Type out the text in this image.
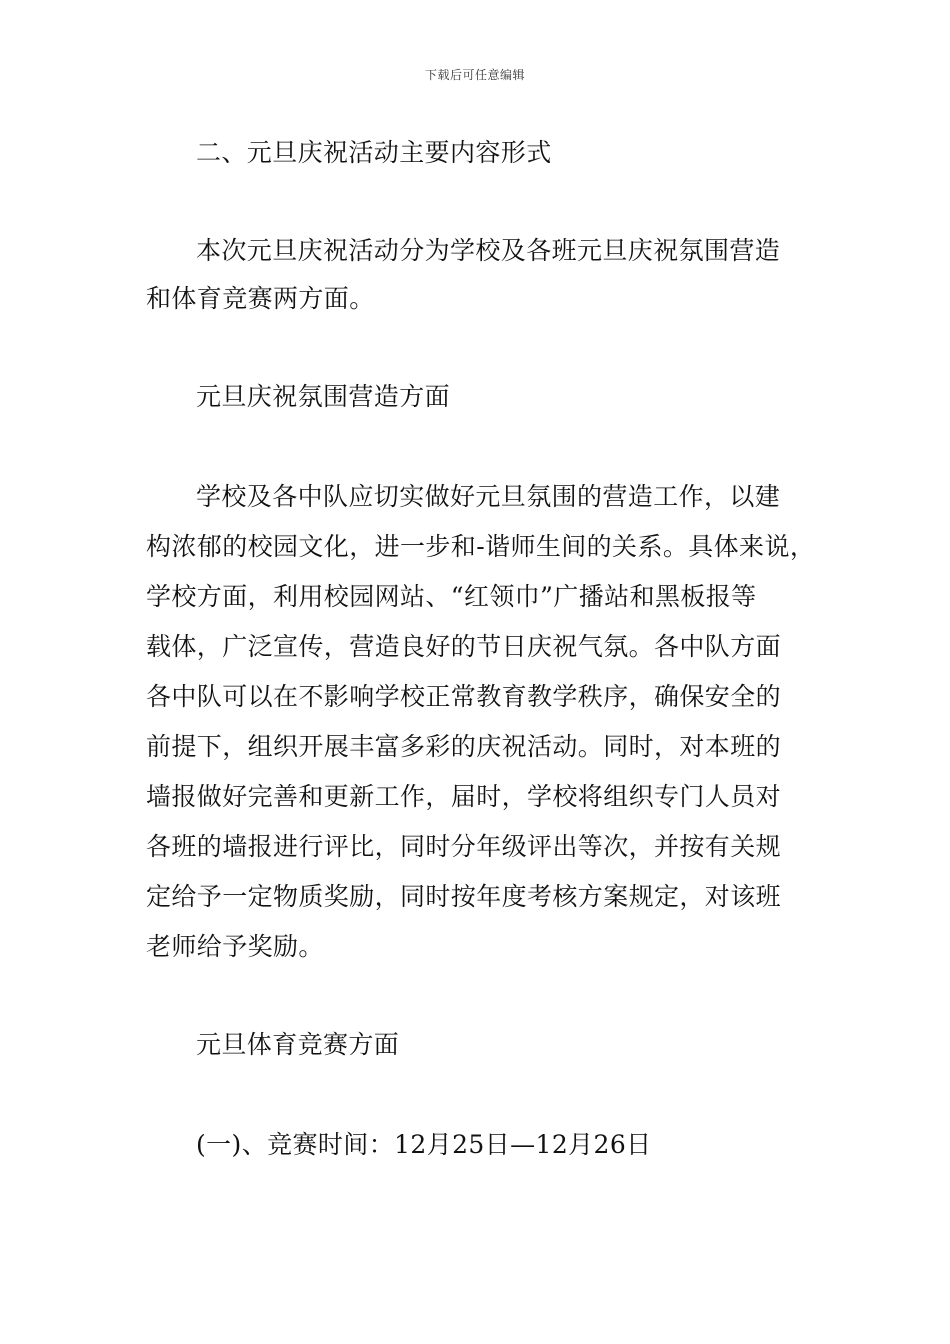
下载后可任意编辑
二、元旦庆祝活动主要内容形式
本次元旦庆祝活动分为学校及各班元旦庆祝氛围营造
和体育竞赛两方面。
元旦庆祝氛围营造方面
学校及各中队应切实做好元旦氛围的营造工作，以建
构浓郁的校园文化，进一步和-谐师生间的关系。具体来说，
学校方面，利用校园网站、“红领巾”广播站和黑板报等
载体，广泛宣传，营造良好的节日庆祝气氛。各中队方面
各中队可以在不影响学校正常教育教学秩序，确保安全的
前提下，组织开展丰富多彩的庆祝活动。同时，对本班的
墙报做好完善和更新工作，届时，学校将组织专门人员对
各班的墙报进行评比，同时分年级评出等次，并按有关规
定给予一定物质奖励，同时按年度考核方案规定，对该班
老师给予奖励。
元旦体育竞赛方面
(一)、竞赛时间：12月25日—12月26日
